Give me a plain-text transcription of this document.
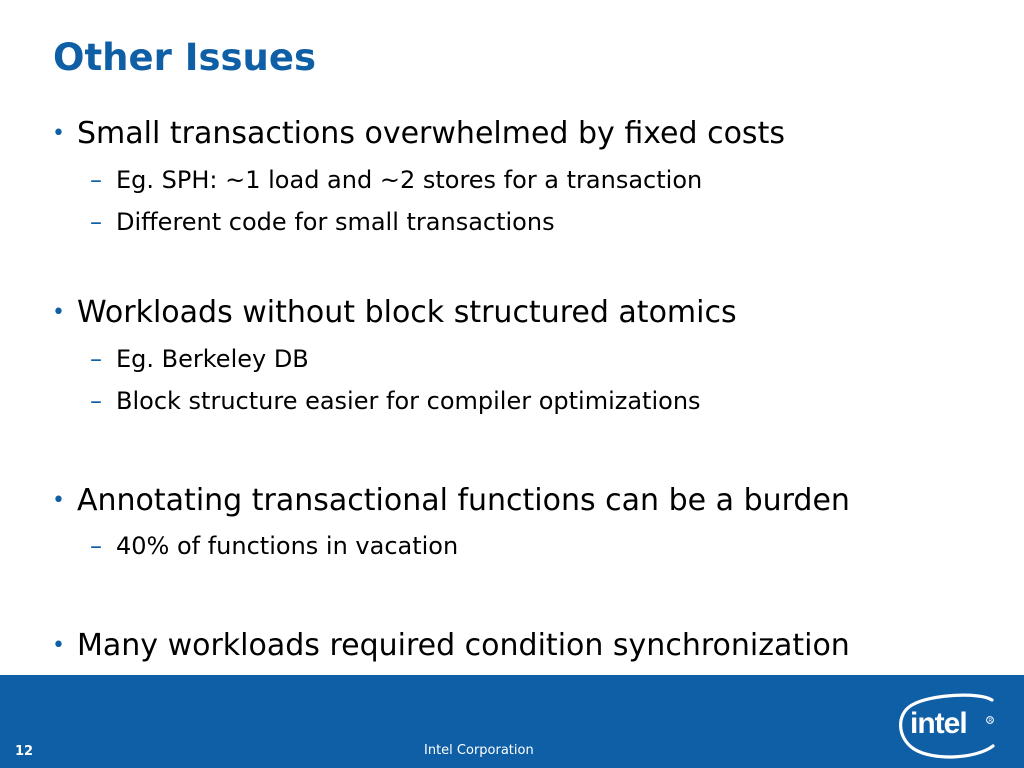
Other Issues
• Small transactions overwhelmed by fixed costs
– Eg. SPH: ~1 load and ~2 stores for a transaction
– Different code for small transactions
• Workloads without block structured atomics
– Eg. Berkeley DB
– Block structure easier for compiler optimizations
• Annotating transactional functions can be a burden
– 40% of functions in vacation
• Many workloads required condition synchronization
12	Intel Corporation
intel	R
